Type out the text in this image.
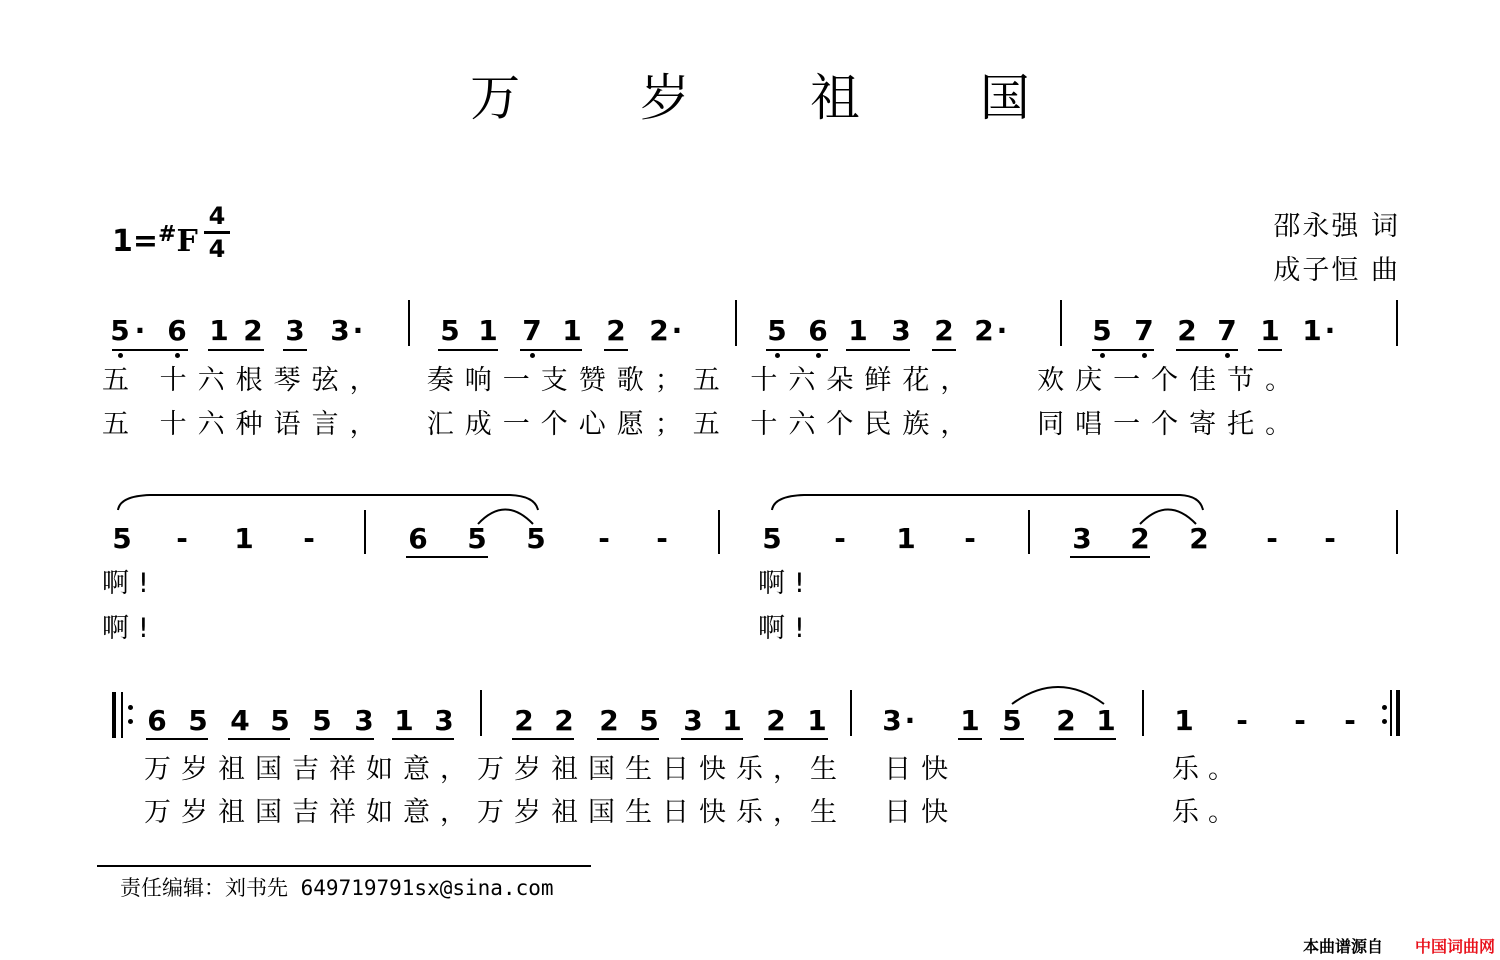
万 岁 祖 国
邵永强 词
成子恒 曲
1=#F
4
4
5 · 6 1 2 3 3 ·	5 1 7 1 2 2 ·	5 6 1 3 2 2 ·	5 7 2 7 1 1 ·
五 十六根琴弦，  奏响一支赞歌；五 十六朵鲜花，   欢庆一个佳节。
五 十六种语言，  汇成一个心愿；五 十六个民族，   同唱一个寄托。
5 - 1 -	6 5 5 - -	5 - 1 -	3 2 2 - -
啊!
啊!
啊!
啊!
6 5 4 5 5 3 1 3 2 2 2 5 3 1 2 1 3 · 1 5 2 1 1 - - -
万岁祖国吉祥如意，万岁祖国生日快乐，生  日快	乐。
万岁祖国吉祥如意，万岁祖国生日快乐，生  日快	乐。
责任编辑：刘书先 649719791sx@sina.com
本曲谱源自 中国词曲网
